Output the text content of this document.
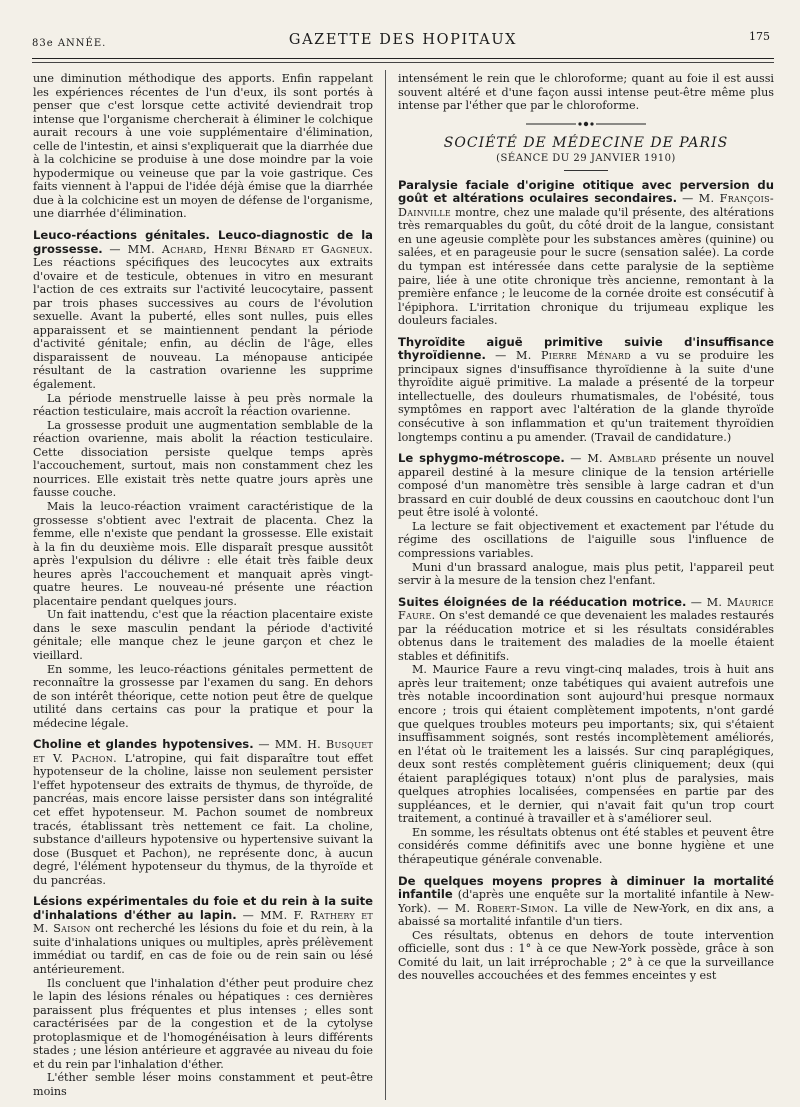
83e ANNÉE.	GAZETTE DES HOPITAUX	175

une diminution méthodique des apports. Enfin rappelant les expériences récentes de l'un d'eux, ils sont portés à penser que c'est lorsque cette activité deviendrait trop intense que l'organisme chercherait à éliminer le colchique aurait recours à une voie supplémentaire d'élimination, celle de l'intestin, et ainsi s'expliquerait que la diarrhée due à la colchicine se produise à une dose moindre par la voie hypodermique ou veineuse que par la voie gastrique. Ces faits viennent à l'appui de l'idée déjà émise que la diarrhée due à la colchicine est un moyen de défense de l'organisme, une diarrhée d'élimination.

Leuco-réactions génitales. Leuco-diagnostic de la grossesse. — MM. Achard, Henri Bénard et Gagneux. Les réactions spécifiques des leucocytes aux extraits d'ovaire et de testicule, obtenues in vitro en mesurant l'action de ces extraits sur l'activité leucocytaire, passent par trois phases successives au cours de l'évolution sexuelle. Avant la puberté, elles sont nulles, puis elles apparaissent et se maintiennent pendant la période d'activité génitale; enfin, au déclin de l'âge, elles disparaissent de nouveau. La ménopause anticipée résultant de la castration ovarienne les supprime également.

La période menstruelle laisse à peu près normale la réaction testiculaire, mais accroît la réaction ovarienne.

La grossesse produit une augmentation semblable de la réaction ovarienne, mais abolit la réaction testiculaire. Cette dissociation persiste quelque temps après l'accouchement, surtout, mais non constamment chez les nourrices. Elle existait très nette quatre jours après une fausse couche.

Mais la leuco-réaction vraiment caractéristique de la grossesse s'obtient avec l'extrait de placenta. Chez la femme, elle n'existe que pendant la grossesse. Elle existait à la fin du deuxième mois. Elle disparaît presque aussitôt après l'expulsion du délivre : elle était très faible deux heures après l'accouchement et manquait après vingt-quatre heures. Le nouveau-né présente une réaction placentaire pendant quelques jours.

Un fait inattendu, c'est que la réaction placentaire existe dans le sexe masculin pendant la période d'activité génitale; elle manque chez le jeune garçon et chez le vieillard.

En somme, les leuco-réactions génitales permettent de reconnaître la grossesse par l'examen du sang. En dehors de son intérêt théorique, cette notion peut être de quelque utilité dans certains cas pour la pratique et pour la médecine légale.

Choline et glandes hypotensives. — MM. H. Busquet et V. Pachon. L'atropine, qui fait disparaître tout effet hypotenseur de la choline, laisse non seulement persister l'effet hypotenseur des extraits de thymus, de thyroïde, de pancréas, mais encore laisse persister dans son intégralité cet effet hypotenseur. M. Pachon soumet de nombreux tracés, établissant très nettement ce fait. La choline, substance d'ailleurs hypotensive ou hypertensive suivant la dose (Busquet et Pachon), ne représente donc, à aucun degré, l'élément hypotenseur du thymus, de la thyroïde et du pancréas.

Lésions expérimentales du foie et du rein à la suite d'inhalations d'éther au lapin. — MM. F. Rathery et M. Saison ont recherché les lésions du foie et du rein, à la suite d'inhalations uniques ou multiples, après prélèvement immédiat ou tardif, en cas de foie ou de rein sain ou lésé antérieurement.

Ils concluent que l'inhalation d'éther peut produire chez le lapin des lésions rénales ou hépatiques : ces dernières paraissent plus fréquentes et plus intenses ; elles sont caractérisées par de la congestion et de la cytolyse protoplasmique et de l'homogénéisation à leurs différents stades ; une lésion antérieure et aggravée au niveau du foie et du rein par l'inhalation d'éther.

L'éther semble léser moins constamment et peut-être moins

intensément le rein que le chloroforme; quant au foie il est aussi souvent altéré et d'une façon aussi intense peut-être même plus intense par l'éther que par le chloroforme.

SOCIÉTÉ DE MÉDECINE DE PARIS

(SÉANCE DU 29 JANVIER 1910)

Paralysie faciale d'origine otitique avec perversion du goût et altérations oculaires secondaires. — M. François-Dainville montre, chez une malade qu'il présente, des altérations très remarquables du goût, du côté droit de la langue, consistant en une ageusie complète pour les substances amères (quinine) ou salées, et en parageusie pour le sucre (sensation salée). La corde du tympan est intéressée dans cette paralysie de la septième paire, liée à une otite chronique très ancienne, remontant à la première enfance ; le leucome de la cornée droite est consécutif à l'épiphora. L'irritation chronique du trijumeau explique les douleurs faciales.

Thyroïdite aiguë primitive suivie d'insuffisance thyroïdienne. — M. Pierre Ménard a vu se produire les principaux signes d'insuffisance thyroïdienne à la suite d'une thyroïdite aiguë primitive. La malade a présenté de la torpeur intellectuelle, des douleurs rhumatismales, de l'obésité, tous symptômes en rapport avec l'altération de la glande thyroïde consécutive à son inflammation et qu'un traitement thyroïdien longtemps continu a pu amender. (Travail de candidature.)

Le sphygmo-métroscope. — M. Amblard présente un nouvel appareil destiné à la mesure clinique de la tension artérielle composé d'un manomètre très sensible à large cadran et d'un brassard en cuir doublé de deux coussins en caoutchouc dont l'un peut être isolé à volonté.

La lecture se fait objectivement et exactement par l'étude du régime des oscillations de l'aiguille sous l'influence de compressions variables.

Muni d'un brassard analogue, mais plus petit, l'appareil peut servir à la mesure de la tension chez l'enfant.

Suites éloignées de la rééducation motrice. — M. Maurice Faure. On s'est demandé ce que devenaient les malades restaurés par la rééducation motrice et si les résultats considérables obtenus dans le traitement des maladies de la moelle étaient stables et définitifs.

M. Maurice Faure a revu vingt-cinq malades, trois à huit ans après leur traitement; onze tabétiques qui avaient autrefois une très notable incoordination sont aujourd'hui presque normaux encore ; trois qui étaient complètement impotents, n'ont gardé que quelques troubles moteurs peu importants; six, qui s'étaient insuffisamment soignés, sont restés incomplètement améliorés, en l'état où le traitement les a laissés. Sur cinq paraplégiques, deux sont restés complètement guéris cliniquement; deux (qui étaient paraplégiques totaux) n'ont plus de paralysies, mais quelques atrophies localisées, compensées en partie par des suppléances, et le dernier, qui n'avait fait qu'un trop court traitement, a continué à travailler et à s'améliorer seul.

En somme, les résultats obtenus ont été stables et peuvent être considérés comme définitifs avec une bonne hygiène et une thérapeutique générale convenable.

De quelques moyens propres à diminuer la mortalité infantile (d'après une enquête sur la mortalité infantile à New-York). — M. Robert-Simon. La ville de New-York, en dix ans, a abaissé sa mortalité infantile d'un tiers.

Ces résultats, obtenus en dehors de toute intervention officielle, sont dus : 1° à ce que New-York possède, grâce à son Comité du lait, un lait irréprochable ; 2° à ce que la surveillance des nouvelles accouchées et des femmes enceintes y est
